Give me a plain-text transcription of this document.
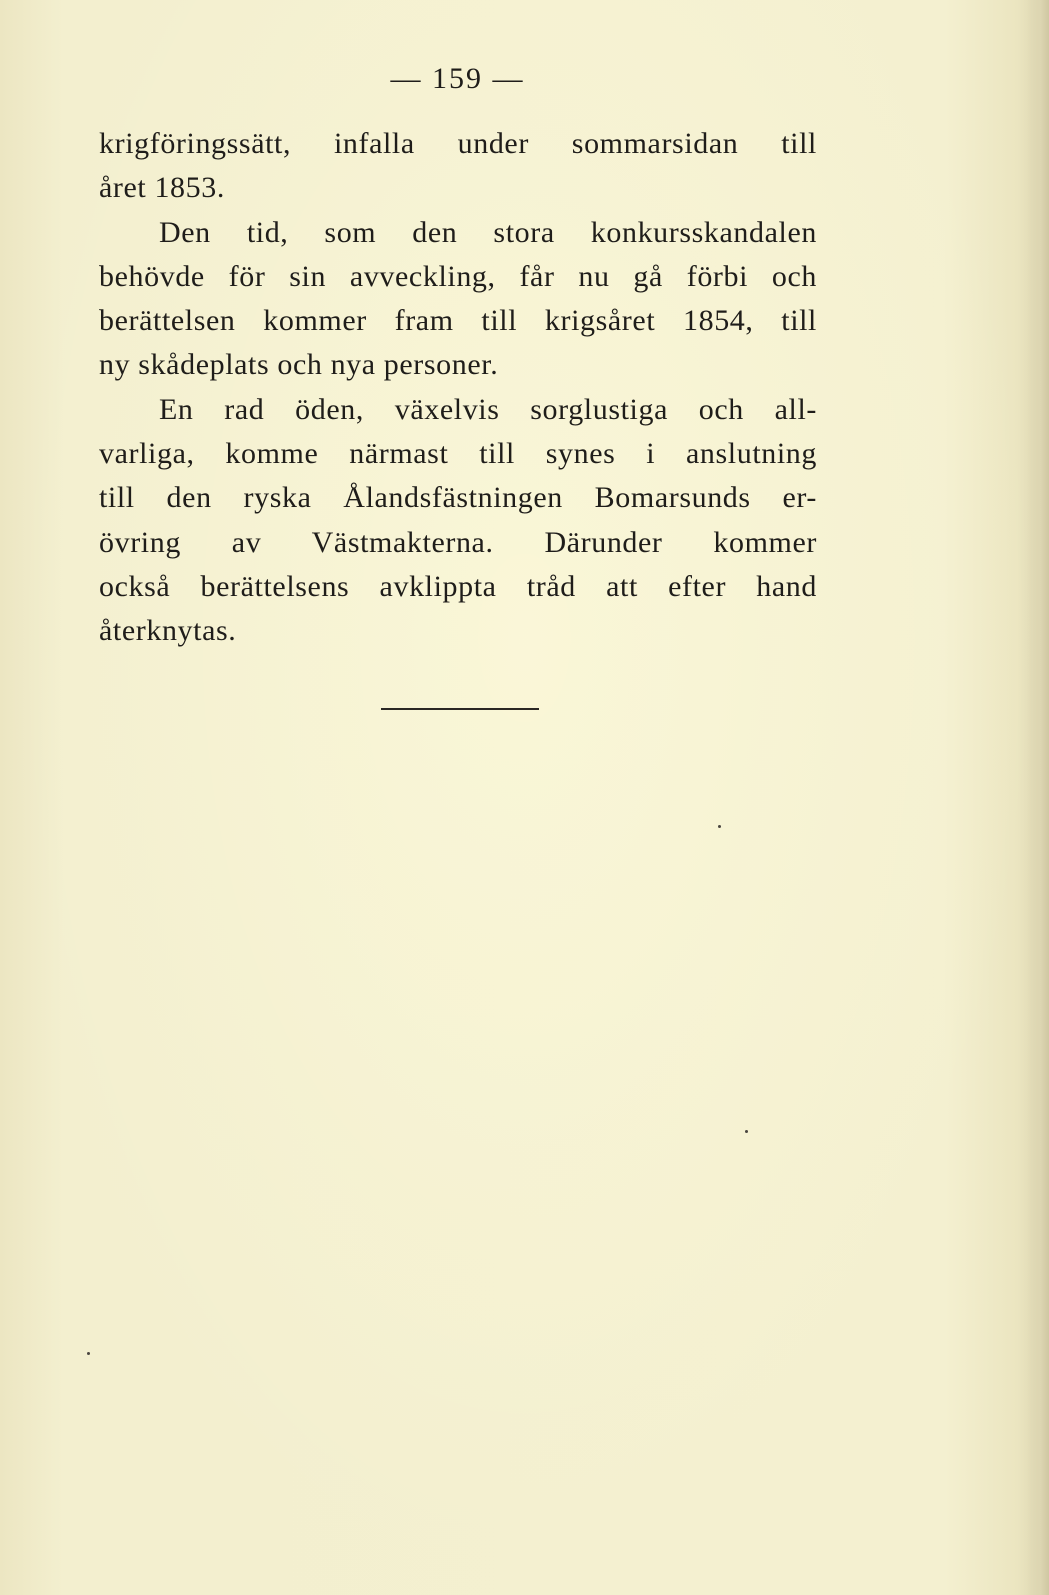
— 159 —
krigföringssätt, infalla under sommarsidan till
året 1853.
Den tid, som den stora konkursskandalen
behövde för sin avveckling, får nu gå förbi och
berättelsen kommer fram till krigsåret 1854, till
ny skådeplats och nya personer.
En rad öden, växelvis sorglustiga och all-
varliga, komme närmast till synes i anslutning
till den ryska Ålandsfästningen Bomarsunds er-
övring av Västmakterna. Därunder kommer
också berättelsens avklippta tråd att efter hand
återknytas.
